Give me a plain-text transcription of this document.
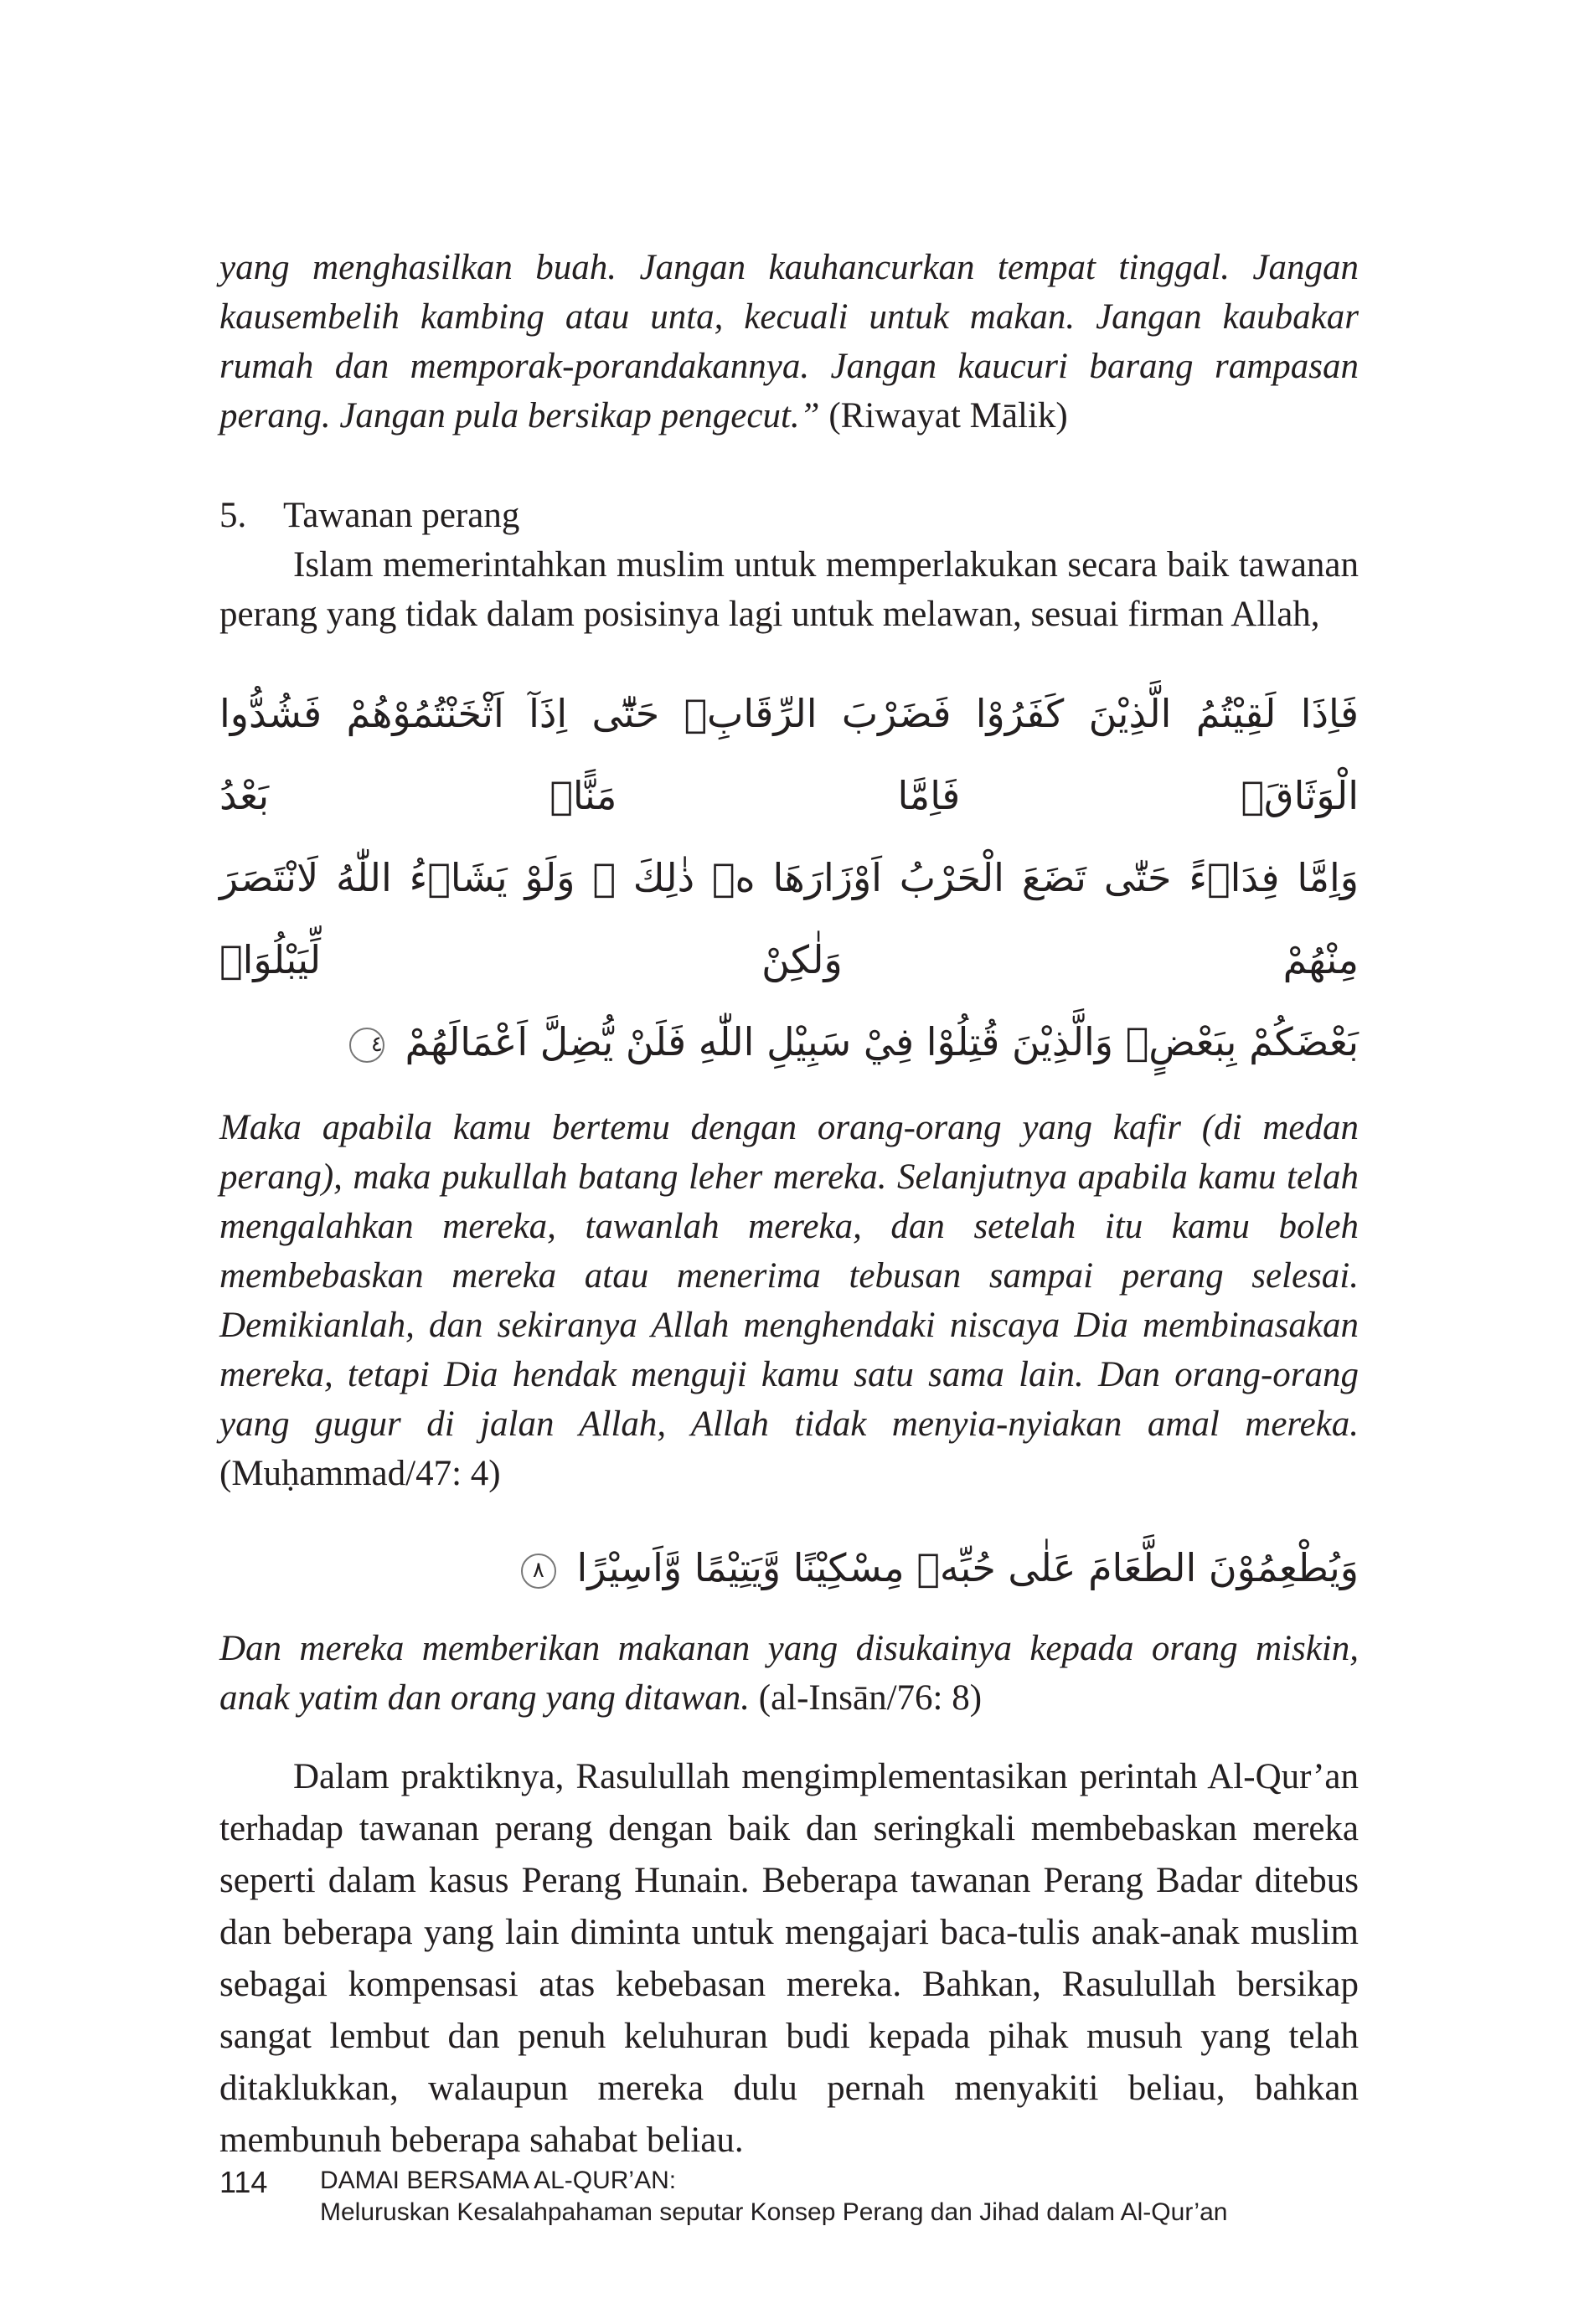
yang menghasilkan buah. Jangan kauhancurkan tempat tinggal. Jangan kausembelih kambing atau unta, kecuali untuk makan. Jangan kaubakar rumah dan memporak-porandakannya. Jangan kaucuri barang rampasan perang. Jangan pula bersikap pengecut.” (Riwayat Mālik)

5.	Tawanan perang

Islam memerintahkan muslim untuk memperlakukan secara baik tawanan perang yang tidak dalam posisinya lagi untuk melawan, sesuai firman Allah,

فَاِذَا لَقِيْتُمُ الَّذِيْنَ كَفَرُوْا فَضَرْبَ الرِّقَابِۗ حَتّٰٓى اِذَآ اَثْخَنْتُمُوْهُمْ فَشُدُّوا الْوَثَاقَۖ فَاِمَّا مَنًّاۢ بَعْدُ
وَاِمَّا فِدَاۤءً حَتّٰى تَضَعَ الْحَرْبُ اَوْزَارَهَا ەۛ ذٰلِكَ ۛ وَلَوْ يَشَاۤءُ اللّٰهُ لَانْتَصَرَ مِنْهُمْ وَلٰكِنْ لِّيَبْلُوَا۟
بَعْضَكُمْ بِبَعْضٍۗ وَالَّذِيْنَ قُتِلُوْا فِيْ سَبِيْلِ اللّٰهِ فَلَنْ يُّضِلَّ اَعْمَالَهُمْ ٤

Maka apabila kamu bertemu dengan orang-orang yang kafir (di medan perang), maka pukullah batang leher mereka. Selanjutnya apabila kamu telah mengalahkan mereka, tawanlah mereka, dan setelah itu kamu boleh membebaskan mereka atau menerima tebusan sampai perang selesai. Demikianlah, dan sekiranya Allah menghendaki niscaya Dia membinasakan mereka, tetapi Dia hendak menguji kamu satu sama lain. Dan orang-orang yang gugur di jalan Allah, Allah tidak menyia-nyiakan amal mereka. (Muḥammad/47: 4)

وَيُطْعِمُوْنَ الطَّعَامَ عَلٰى حُبِّهٖ مِسْكِيْنًا وَّيَتِيْمًا وَّاَسِيْرًا ٨

Dan mereka memberikan makanan yang disukainya kepada orang miskin, anak yatim dan orang yang ditawan. (al-Insān/76: 8)

Dalam praktiknya, Rasulullah mengimplementasikan perintah Al-Qur’an terhadap tawanan perang dengan baik dan seringkali membebaskan mereka seperti dalam kasus Perang Hunain. Beberapa tawanan Perang Badar ditebus dan beberapa yang lain diminta untuk mengajari baca-tulis anak-anak muslim sebagai kompensasi atas kebebasan mereka. Bahkan, Rasulullah bersikap sangat lembut dan penuh keluhuran budi kepada pihak musuh yang telah ditaklukkan, walaupun mereka dulu pernah menyakiti beliau, bahkan membunuh beberapa sahabat beliau.

114	DAMAI BERSAMA AL-QUR’AN:
Meluruskan Kesalahpahaman seputar Konsep Perang dan Jihad dalam Al-Qur’an
